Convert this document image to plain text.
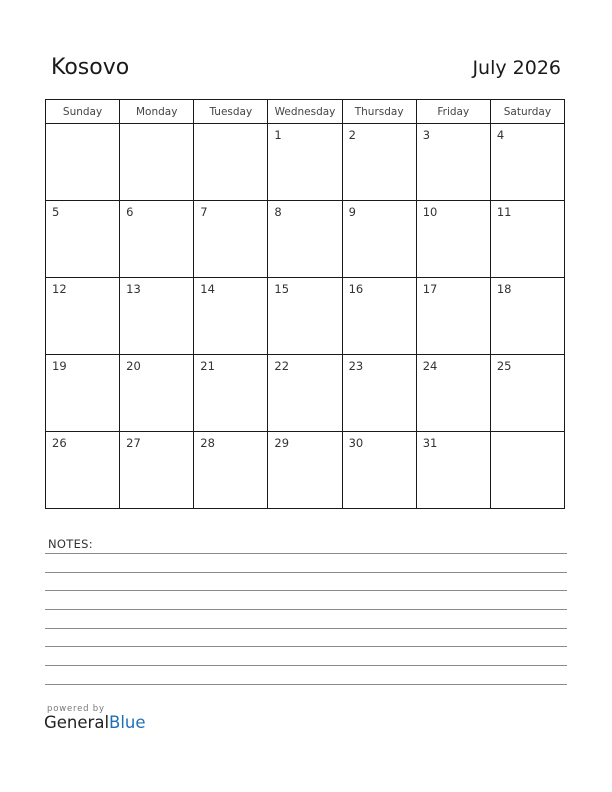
Kosovo	July 2026
Sunday	Monday	Tuesday	Wednesday	Thursday	Friday	Saturday

			1	2	3	4

5	6	7	8	9	10	11

12	13	14	15	16	17	18

19	20	21	22	23	24	25

26	27	28	29	30	31	

NOTES:
powered by
GeneralBlue
